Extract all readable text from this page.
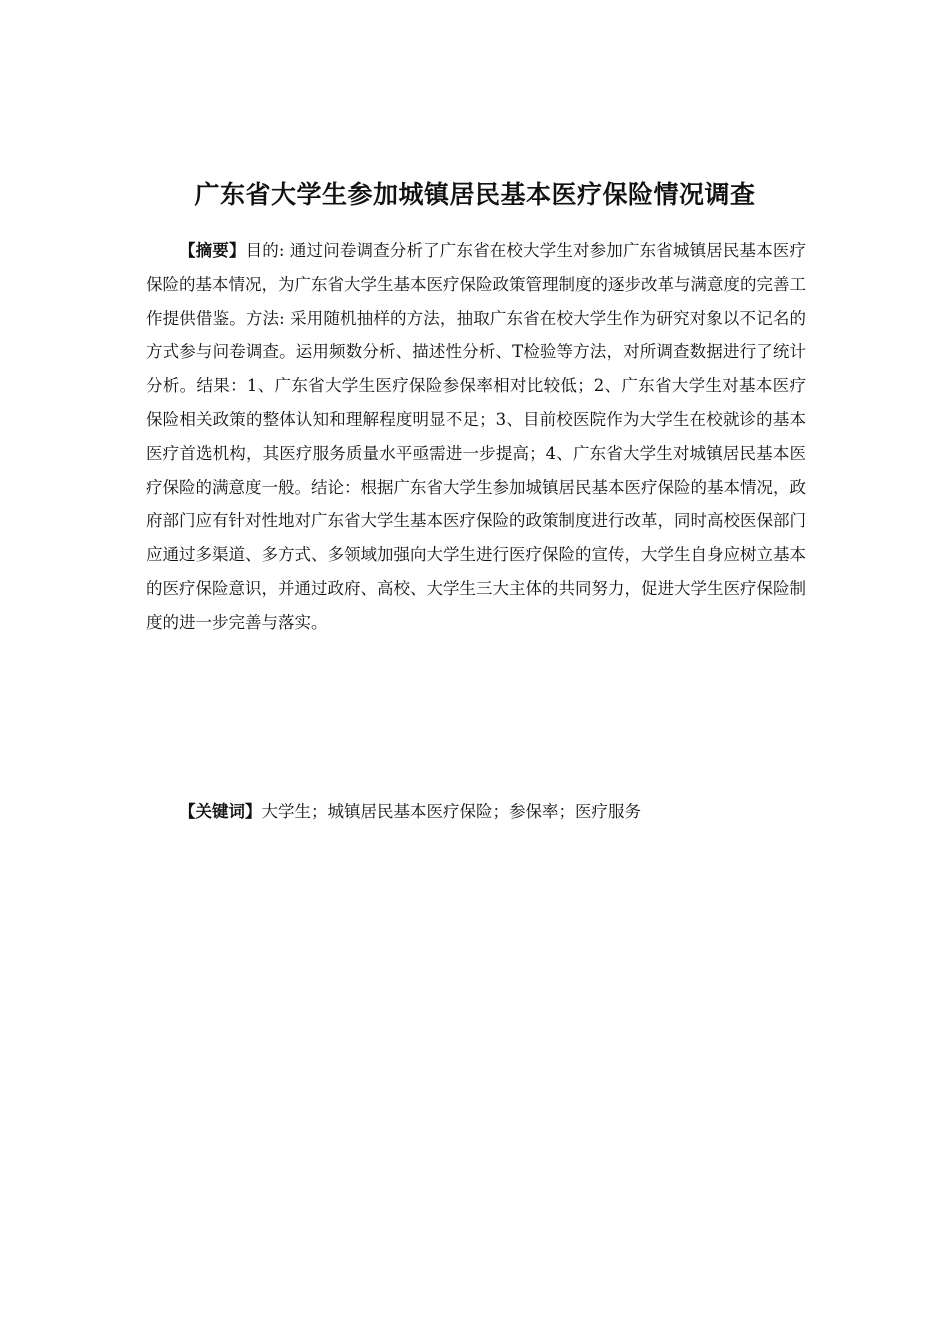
广东省大学生参加城镇居民基本医疗保险情况调查

【摘要】目的: 通过问卷调查分析了广东省在校大学生对参加广东省城镇居民基本医疗保险的基本情况，为广东省大学生基本医疗保险政策管理制度的逐步改革与满意度的完善工作提供借鉴。方法: 采用随机抽样的方法，抽取广东省在校大学生作为研究对象以不记名的方式参与问卷调查。运用频数分析、描述性分析、T检验等方法，对所调查数据进行了统计分析。结果：1、广东省大学生医疗保险参保率相对比较低；2、广东省大学生对基本医疗保险相关政策的整体认知和理解程度明显不足；3、目前校医院作为大学生在校就诊的基本医疗首选机构，其医疗服务质量水平亟需进一步提高；4、广东省大学生对城镇居民基本医疗保险的满意度一般。结论：根据广东省大学生参加城镇居民基本医疗保险的基本情况，政府部门应有针对性地对广东省大学生基本医疗保险的政策制度进行改革，同时高校医保部门应通过多渠道、多方式、多领域加强向大学生进行医疗保险的宣传，大学生自身应树立基本的医疗保险意识，并通过政府、高校、大学生三大主体的共同努力，促进大学生医疗保险制度的进一步完善与落实。

【关键词】大学生；城镇居民基本医疗保险；参保率；医疗服务
